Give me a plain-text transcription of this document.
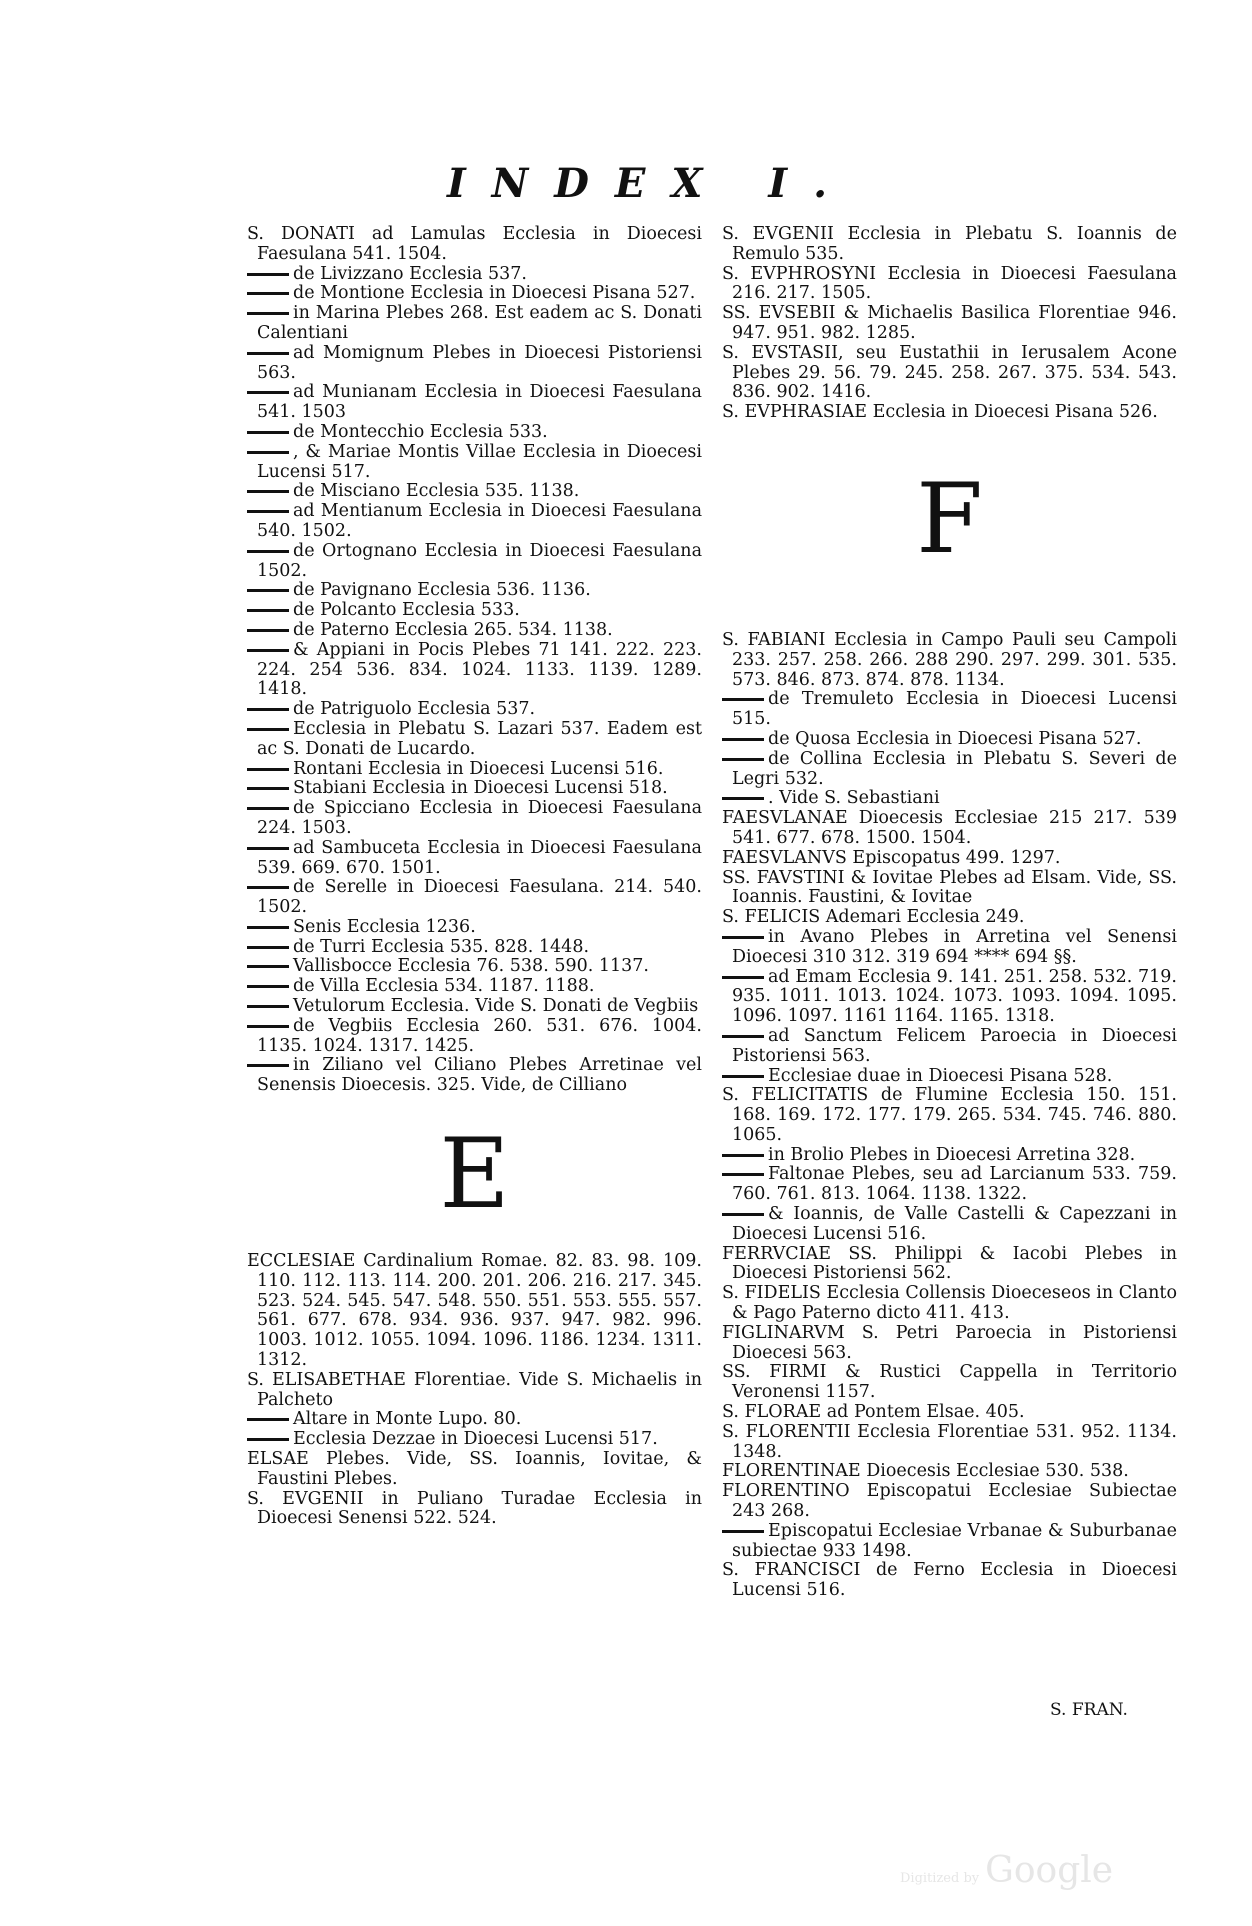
INDEX I.

S. DONATI ad Lamulas Ecclesia in Dioecesi Faesulana 541. 1504.

de Livizzano Ecclesia 537.

de Montione Ecclesia in Dioecesi Pisana 527.

in Marina Plebes 268. Est eadem ac S. Donati Calentiani

ad Momignum Plebes in Dioecesi Pistoriensi 563.

ad Munianam Ecclesia in Dioecesi Faesulana 541. 1503

de Montecchio Ecclesia 533.

, & Mariae Montis Villae Ecclesia in Dioecesi Lucensi 517.

de Misciano Ecclesia 535. 1138.

ad Mentianum Ecclesia in Dioecesi Faesulana 540. 1502.

de Ortognano Ecclesia in Dioecesi Faesulana 1502.

de Pavignano Ecclesia 536. 1136.

de Polcanto Ecclesia 533.

de Paterno Ecclesia 265. 534. 1138.

& Appiani in Pocis Plebes 71 141. 222. 223. 224. 254 536. 834. 1024. 1133. 1139. 1289. 1418.

de Patriguolo Ecclesia 537.

Ecclesia in Plebatu S. Lazari 537. Eadem est ac S. Donati de Lucardo.

Rontani Ecclesia in Dioecesi Lucensi 516.

Stabiani Ecclesia in Dioecesi Lucensi 518.

de Spicciano Ecclesia in Dioecesi Faesulana 224. 1503.

ad Sambuceta Ecclesia in Dioecesi Faesulana 539. 669. 670. 1501.

de Serelle in Dioecesi Faesulana. 214. 540. 1502.

Senis Ecclesia 1236.

de Turri Ecclesia 535. 828. 1448.

Vallisbocce Ecclesia 76. 538. 590. 1137.

de Villa Ecclesia 534. 1187. 1188.

Vetulorum Ecclesia. Vide S. Donati de Vegbiis

de Vegbiis Ecclesia 260. 531. 676. 1004. 1135. 1024. 1317. 1425.

in Ziliano vel Ciliano Plebes Arretinae vel Senensis Dioecesis. 325. Vide, de Cilliano

E

ECCLESIAE Cardinalium Romae. 82. 83. 98. 109. 110. 112. 113. 114. 200. 201. 206. 216. 217. 345. 523. 524. 545. 547. 548. 550. 551. 553. 555. 557. 561. 677. 678. 934. 936. 937. 947. 982. 996. 1003. 1012. 1055. 1094. 1096. 1186. 1234. 1311. 1312.

S. ELISABETHAE Florentiae. Vide S. Michaelis in Palcheto

Altare in Monte Lupo. 80.

Ecclesia Dezzae in Dioecesi Lucensi 517.

ELSAE Plebes. Vide, SS. Ioannis, Iovitae, & Faustini Plebes.

S. EVGENII in Puliano Turadae Ecclesia in Dioecesi Senensi 522. 524.

S. EVGENII Ecclesia in Plebatu S. Ioannis de Remulo 535.

S. EVPHROSYNI Ecclesia in Dioecesi Faesulana 216. 217. 1505.

SS. EVSEBII & Michaelis Basilica Florentiae 946. 947. 951. 982. 1285.

S. EVSTASII, seu Eustathii in Ierusalem Acone Plebes 29. 56. 79. 245. 258. 267. 375. 534. 543. 836. 902. 1416.

S. EVPHRASIAE Ecclesia in Dioecesi Pisana 526.

F

S. FABIANI Ecclesia in Campo Pauli seu Campoli 233. 257. 258. 266. 288 290. 297. 299. 301. 535. 573. 846. 873. 874. 878. 1134.

de Tremuleto Ecclesia in Dioecesi Lucensi 515.

de Quosa Ecclesia in Dioecesi Pisana 527.

de Collina Ecclesia in Plebatu S. Severi de Legri 532.

. Vide S. Sebastiani

FAESVLANAE Dioecesis Ecclesiae 215 217. 539 541. 677. 678. 1500. 1504.

FAESVLANVS Episcopatus 499. 1297.

SS. FAVSTINI & Iovitae Plebes ad Elsam. Vide, SS. Ioannis. Faustini, & Iovitae

S. FELICIS Ademari Ecclesia 249.

in Avano Plebes in Arretina vel Senensi Dioecesi 310 312. 319 694 **** 694 §§.

ad Emam Ecclesia 9. 141. 251. 258. 532. 719. 935. 1011. 1013. 1024. 1073. 1093. 1094. 1095. 1096. 1097. 1161 1164. 1165. 1318.

ad Sanctum Felicem Paroecia in Dioecesi Pistoriensi 563.

Ecclesiae duae in Dioecesi Pisana 528.

S. FELICITATIS de Flumine Ecclesia 150. 151. 168. 169. 172. 177. 179. 265. 534. 745. 746. 880. 1065.

in Brolio Plebes in Dioecesi Arretina 328.

Faltonae Plebes, seu ad Larcianum 533. 759. 760. 761. 813. 1064. 1138. 1322.

& Ioannis, de Valle Castelli & Capezzani in Dioecesi Lucensi 516.

FERRVCIAE SS. Philippi & Iacobi Plebes in Dioecesi Pistoriensi 562.

S. FIDELIS Ecclesia Collensis Dioeceseos in Clanto & Pago Paterno dicto 411. 413.

FIGLINARVM S. Petri Paroecia in Pistoriensi Dioecesi 563.

SS. FIRMI & Rustici Cappella in Territorio Veronensi 1157.

S. FLORAE ad Pontem Elsae. 405.

S. FLORENTII Ecclesia Florentiae 531. 952. 1134. 1348.

FLORENTINAE Dioecesis Ecclesiae 530. 538.

FLORENTINO Episcopatui Ecclesiae Subiectae 243 268.

Episcopatui Ecclesiae Vrbanae & Suburbanae subiectae 933 1498.

S. FRANCISCI de Ferno Ecclesia in Dioecesi Lucensi 516.

S. FRAN.
Digitized by Google
